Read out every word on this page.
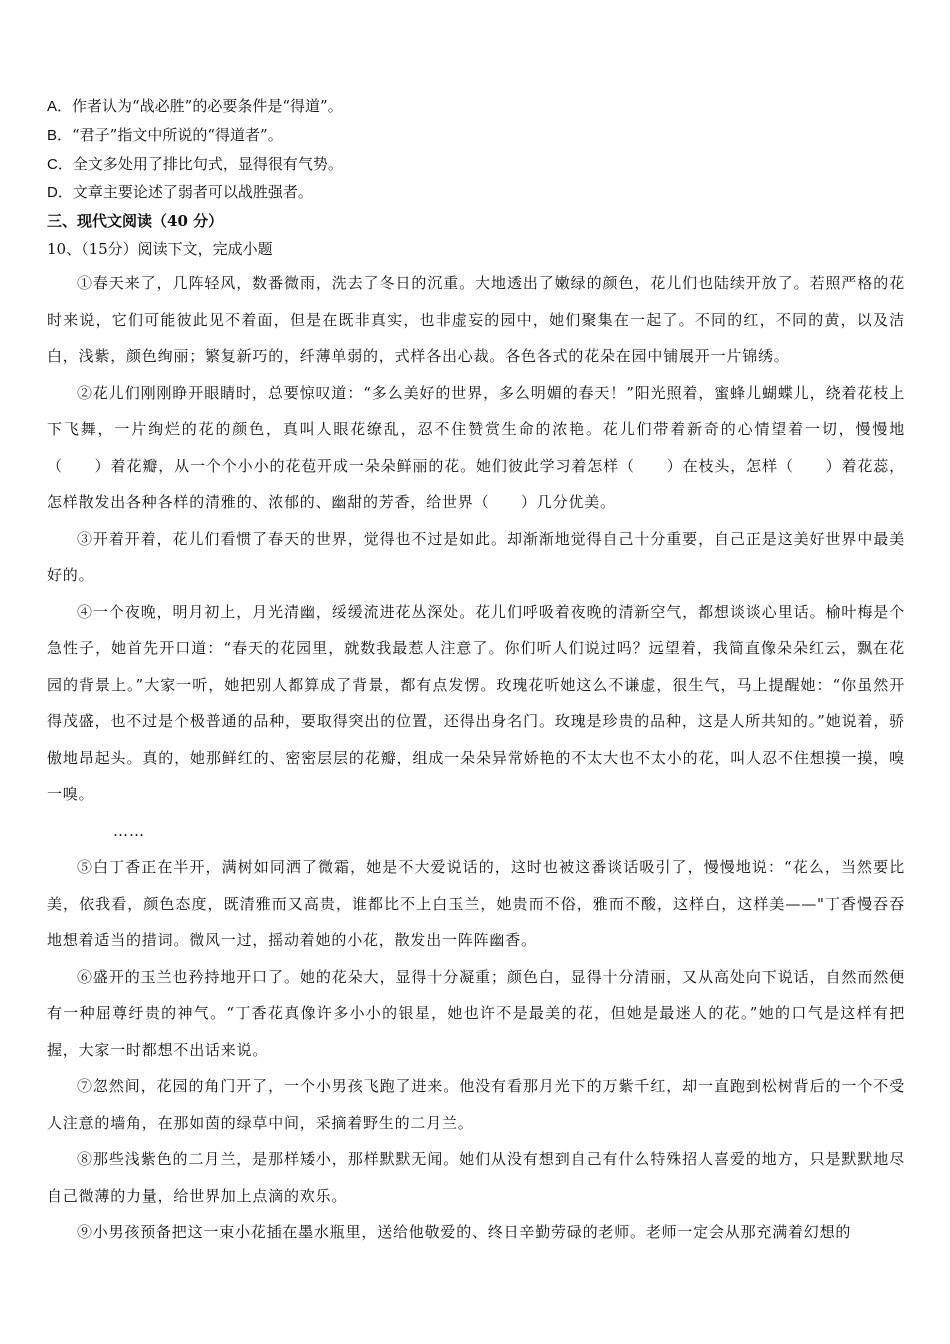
A．作者认为“战必胜”的必要条件是“得道”。
B．“君子”指文中所说的“得道者”。
C．全文多处用了排比句式，显得很有气势。
D．文章主要论述了弱者可以战胜强者。
三、现代文阅读（40 分）
10、（15分）阅读下文，完成小题

①春天来了，几阵轻风，数番微雨，洗去了冬日的沉重。大地透出了嫩绿的颜色，花儿们也陆续开放了。若照严格的花时来说，它们可能彼此见不着面，但是在既非真实，也非虚妄的园中，她们聚集在一起了。不同的红，不同的黄，以及洁白，浅紫，颜色绚丽；繁复新巧的，纤薄单弱的，式样各出心裁。各色各式的花朵在园中铺展开一片锦绣。

②花儿们刚刚睁开眼睛时，总要惊叹道：“多么美好的世界，多么明媚的春天！”阳光照着，蜜蜂儿蝴蝶儿，绕着花枝上下飞舞，一片绚烂的花的颜色，真叫人眼花缭乱，忍不住赞赏生命的浓艳。花儿们带着新奇的心情望着一切，慢慢地（　　）着花瓣，从一个个小小的花苞开成一朵朵鲜丽的花。她们彼此学习着怎样（　　）在枝头，怎样（　　）着花蕊，怎样散发出各种各样的清雅的、浓郁的、幽甜的芳香，给世界（　　）几分优美。

③开着开着，花儿们看惯了春天的世界，觉得也不过是如此。却渐渐地觉得自己十分重要，自己正是这美好世界中最美好的。

④一个夜晚，明月初上，月光清幽，绥缓流进花丛深处。花儿们呼吸着夜晚的清新空气，都想谈谈心里话。榆叶梅是个急性子，她首先开口道：“春天的花园里，就数我最惹人注意了。你们听人们说过吗？远望着，我简直像朵朵红云，飘在花园的背景上。”大家一听，她把别人都算成了背景，都有点发愣。玫瑰花听她这么不谦虚，很生气，马上提醒她：“你虽然开得茂盛，也不过是个极普通的品种，要取得突出的位置，还得出身名门。玫瑰是珍贵的品种，这是人所共知的。”她说着，骄傲地昂起头。真的，她那鲜红的、密密层层的花瓣，组成一朵朵异常娇艳的不太大也不太小的花，叫人忍不住想摸一摸，嗅一嗅。

……

⑤白丁香正在半开，满树如同洒了微霜，她是不大爱说话的，这时也被这番谈话吸引了，慢慢地说：“花么，当然要比美，依我看，颜色态度，既清雅而又高贵，谁都比不上白玉兰，她贵而不俗，雅而不酸，这样白，这样美——"丁香慢吞吞地想着适当的措词。微风一过，摇动着她的小花，散发出一阵阵幽香。

⑥盛开的玉兰也矜持地开口了。她的花朵大，显得十分凝重；颜色白，显得十分清丽，又从高处向下说话，自然而然便有一种屈尊纡贵的神气。“丁香花真像许多小小的银星，她也许不是最美的花，但她是最迷人的花。”她的口气是这样有把握，大家一时都想不出话来说。

⑦忽然间，花园的角门开了，一个小男孩飞跑了进来。他没有看那月光下的万紫千红，却一直跑到松树背后的一个不受人注意的墙角，在那如茵的绿草中间，采摘着野生的二月兰。

⑧那些浅紫色的二月兰，是那样矮小，那样默默无闻。她们从没有想到自己有什么特殊招人喜爱的地方，只是默默地尽自己微薄的力量，给世界加上点滴的欢乐。

⑨小男孩预备把这一束小花插在墨水瓶里，送给他敬爱的、终日辛勤劳碌的老师。老师一定会从那充满着幻想的
